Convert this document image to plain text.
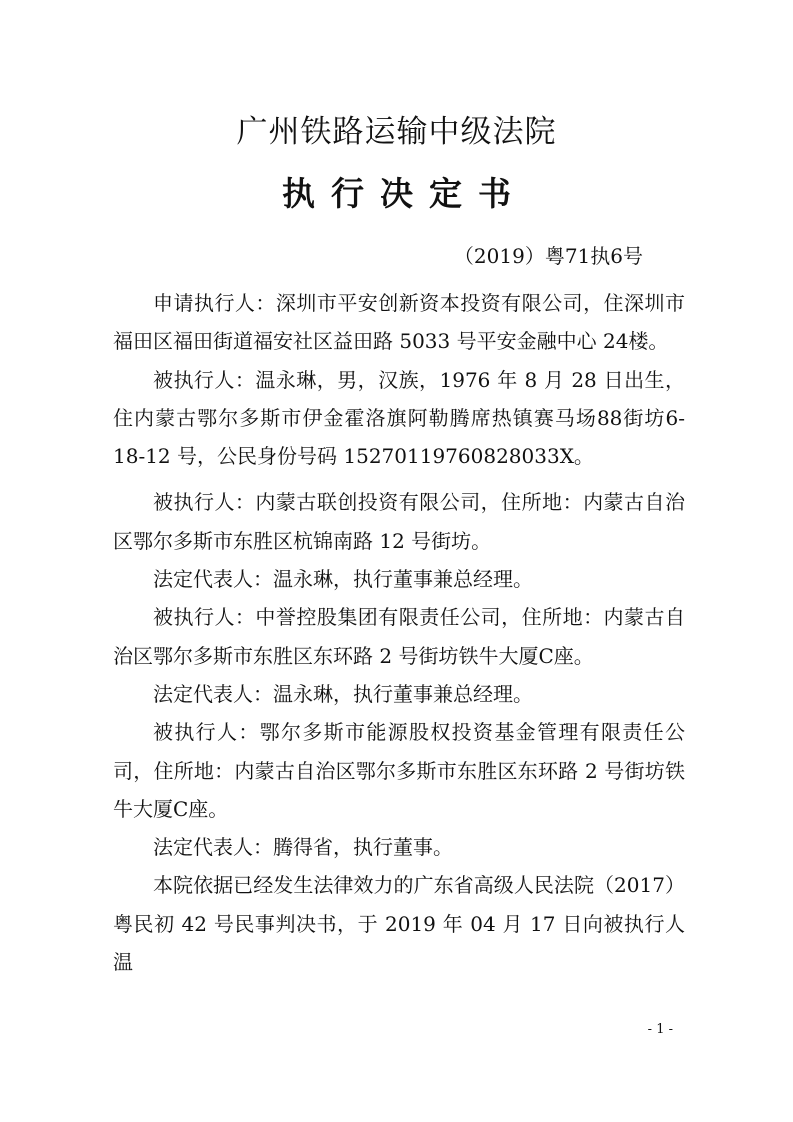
广州铁路运输中级法院
执行决定书
（2019）粤71执6号

申请执行人：深圳市平安创新资本投资有限公司，住深圳市福田区福田街道福安社区益田路 5033 号平安金融中心 24楼。

被执行人：温永琳，男，汉族，1976 年 8 月 28 日出生，住内蒙古鄂尔多斯市伊金霍洛旗阿勒腾席热镇赛马场88街坊6-18-12 号，公民身份号码 15270119760828033X。

被执行人：内蒙古联创投资有限公司，住所地：内蒙古自治区鄂尔多斯市东胜区杭锦南路 12 号街坊。

法定代表人：温永琳，执行董事兼总经理。

被执行人：中誉控股集团有限责任公司，住所地：内蒙古自治区鄂尔多斯市东胜区东环路 2 号街坊铁牛大厦C座。

法定代表人：温永琳，执行董事兼总经理。

被执行人：鄂尔多斯市能源股权投资基金管理有限责任公司，住所地：内蒙古自治区鄂尔多斯市东胜区东环路 2 号街坊铁牛大厦C座。

法定代表人：腾得省，执行董事。

本院依据已经发生法律效力的广东省高级人民法院（2017）粤民初 42 号民事判决书，于 2019 年 04 月 17 日向被执行人温

- 1 -
